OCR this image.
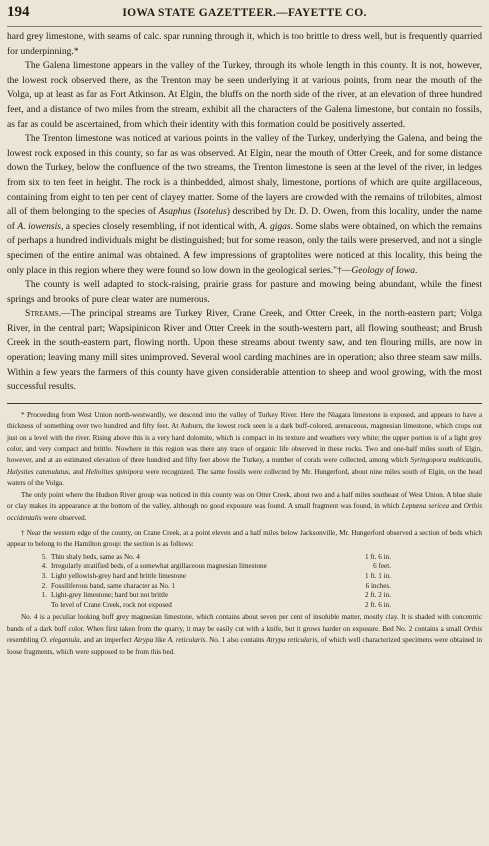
194	IOWA STATE GAZETTEER.—FAYETTE CO.

hard grey limestone, with seams of calc. spar running through it, which is too brittle to dress well, but is frequently quarried for underpinning.*

The Galena limestone appears in the valley of the Turkey, through its whole length in this county. It is not, however, the lowest rock observed there, as the Trenton may be seen underlying it at various points, from near the mouth of the Volga, up at least as far as Fort Atkinson. At Elgin, the bluffs on the north side of the river, at an elevation of three hundred feet, and a distance of two miles from the stream, exhibit all the characters of the Galena limestone, but contain no fossils, as far as could be ascertained, from which their identity with this formation could be positively asserted.

The Trenton limestone was noticed at various points in the valley of the Turkey, underlying the Galena, and being the lowest rock exposed in this county, so far as was observed. At Elgin, near the mouth of Otter Creek, and for some distance down the Turkey, below the confluence of the two streams, the Trenton limestone is seen at the level of the river, in ledges from six to ten feet in height. The rock is a thinbedded, almost shaly, limestone, portions of which are quite argillaceous, containing from eight to ten per cent of clayey matter. Some of the layers are crowded with the remains of trilobites, almost all of them belonging to the species of Asaphus (Isotelus) described by Dr. D. D. Owen, from this locality, under the name of A. iowensis, a species closely resembling, if not identical with, A. gigas. Some slabs were obtained, on which the remains of perhaps a hundred individuals might be distinguished; but for some reason, only the tails were preserved, and not a single specimen of the entire animal was obtained. A few impressions of graptolites were noticed at this locality, this being the only place in this region where they were found so low down in the geological series."†—Geology of Iowa.

The county is well adapted to stock-raising, prairie grass for pasture and mowing being abundant, while the finest springs and brooks of pure clear water are numerous.

Streams.—The principal streams are Turkey River, Crane Creek, and Otter Creek, in the north-eastern part; Volga River, in the central part; Wapsipinicon River and Otter Creek in the south-western part, all flowing southeast; and Brush Creek in the south-eastern part, flowing north. Upon these streams about twenty saw, and ten flouring mills, are now in operation; leaving many mill sites unimproved. Several wool carding machines are in operation; also three steam saw mills. Within a few years the farmers of this county have given considerable attention to sheep and wool growing, with the most successful results.

* Proceeding from West Union north-westwardly, we descend into the valley of Turkey River. Here the Niagara limestone is exposed, and appears to have a thickness of something over two hundred and fifty feet. At Auburn, the lowest rock seen is a dark buff-colored, arenaceous, magnesian limestone, which crops out just on a level with the river. Rising above this is a very hard dolomite, which is compact in its texture and weathers very white; the upper portion is of a light grey color, and very compact and brittle. Nowhere in this region was there any trace of organic life observed in these rocks. Two and one-half miles south of Elgin, however, and at an estimated elevation of three hundred and fifty feet above the Turkey, a number of corals were collected, among which Syringopora multicaulis, Halysites catenulatus, and Heliolites spinipora were recognized. The same fossils were collected by Mr. Hungerford, about nine miles south of Elgin, on the head waters of the Volga.

The only point where the Hudson River group was noticed in this county was on Otter Creek, about two and a half miles southeast of West Union. A blue shale or clay makes its appearance at the bottom of the valley, although no good exposure was found. A small fragment was found, in which Leptæna sericea and Orthis occidentalis were observed.

† Near the western edge of the county, on Crane Creek, at a point eleven and a half miles below Jacksonville, Mr. Hungerford observed a section of beds which appear to belong to the Hamilton group: the section is as follows:

5.	Thin shaly beds, same as No. 4	1 ft. 6 in.
4.	Irregularly stratified beds, of a somewhat argillaceous magnesian limestone	6 feet.
3.	Light yellowish-grey hard and brittle limestone	1 ft. 1 in.
2.	Fossiliferous band, same character as No. 1	6 inches.
1.	Light-grey limestone; hard but not brittle	2 ft. 2 in.
	To level of Crane Creek, rock not exposed	2 ft. 6 in.

No. 4 is a peculiar looking buff grey magnesian limestone, which contains about seven per cent of insoluble matter, mostly clay. It is shaded with concentric bands of a dark buff color. When first taken from the quarry, it may be easily cut with a knife, but it grows harder on exposure. Bed No. 2 contains a small Orthis resembling O. elegantula, and an imperfect Atrypa like A. reticularis. No. 1 also contains Atrypa reticularis, of which well characterized specimens were obtained in loose fragments, which were supposed to be from this bed.
